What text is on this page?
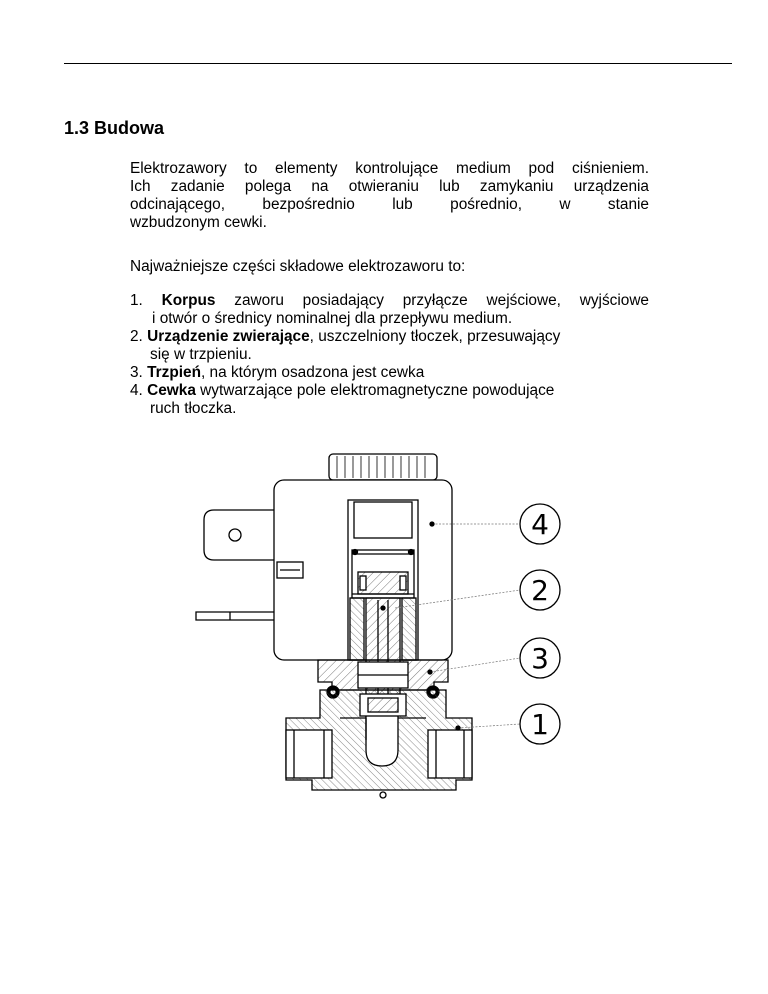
1.3 Budowa
Elektrozawory to elementy kontrolujące medium pod ciśnieniem.
Ich zadanie polega na otwieraniu lub zamykaniu urządzenia
odcinającego, bezpośrednio lub pośrednio, w stanie
wzbudzonym cewki.

Najważniejsze części składowe elektrozaworu to:

1. Korpus zaworu posiadający przyłącze wejściowe, wyjściowe
i otwór o średnicy nominalnej dla przepływu medium.
2. Urządzenie zwierające, uszczelniony tłoczek, przesuwający
się w trzpieniu.
3. Trzpień, na którym osadzona jest cewka
4. Cewka wytwarzające pole elektromagnetyczne powodujące
ruch tłoczka.
4
2
3
1
